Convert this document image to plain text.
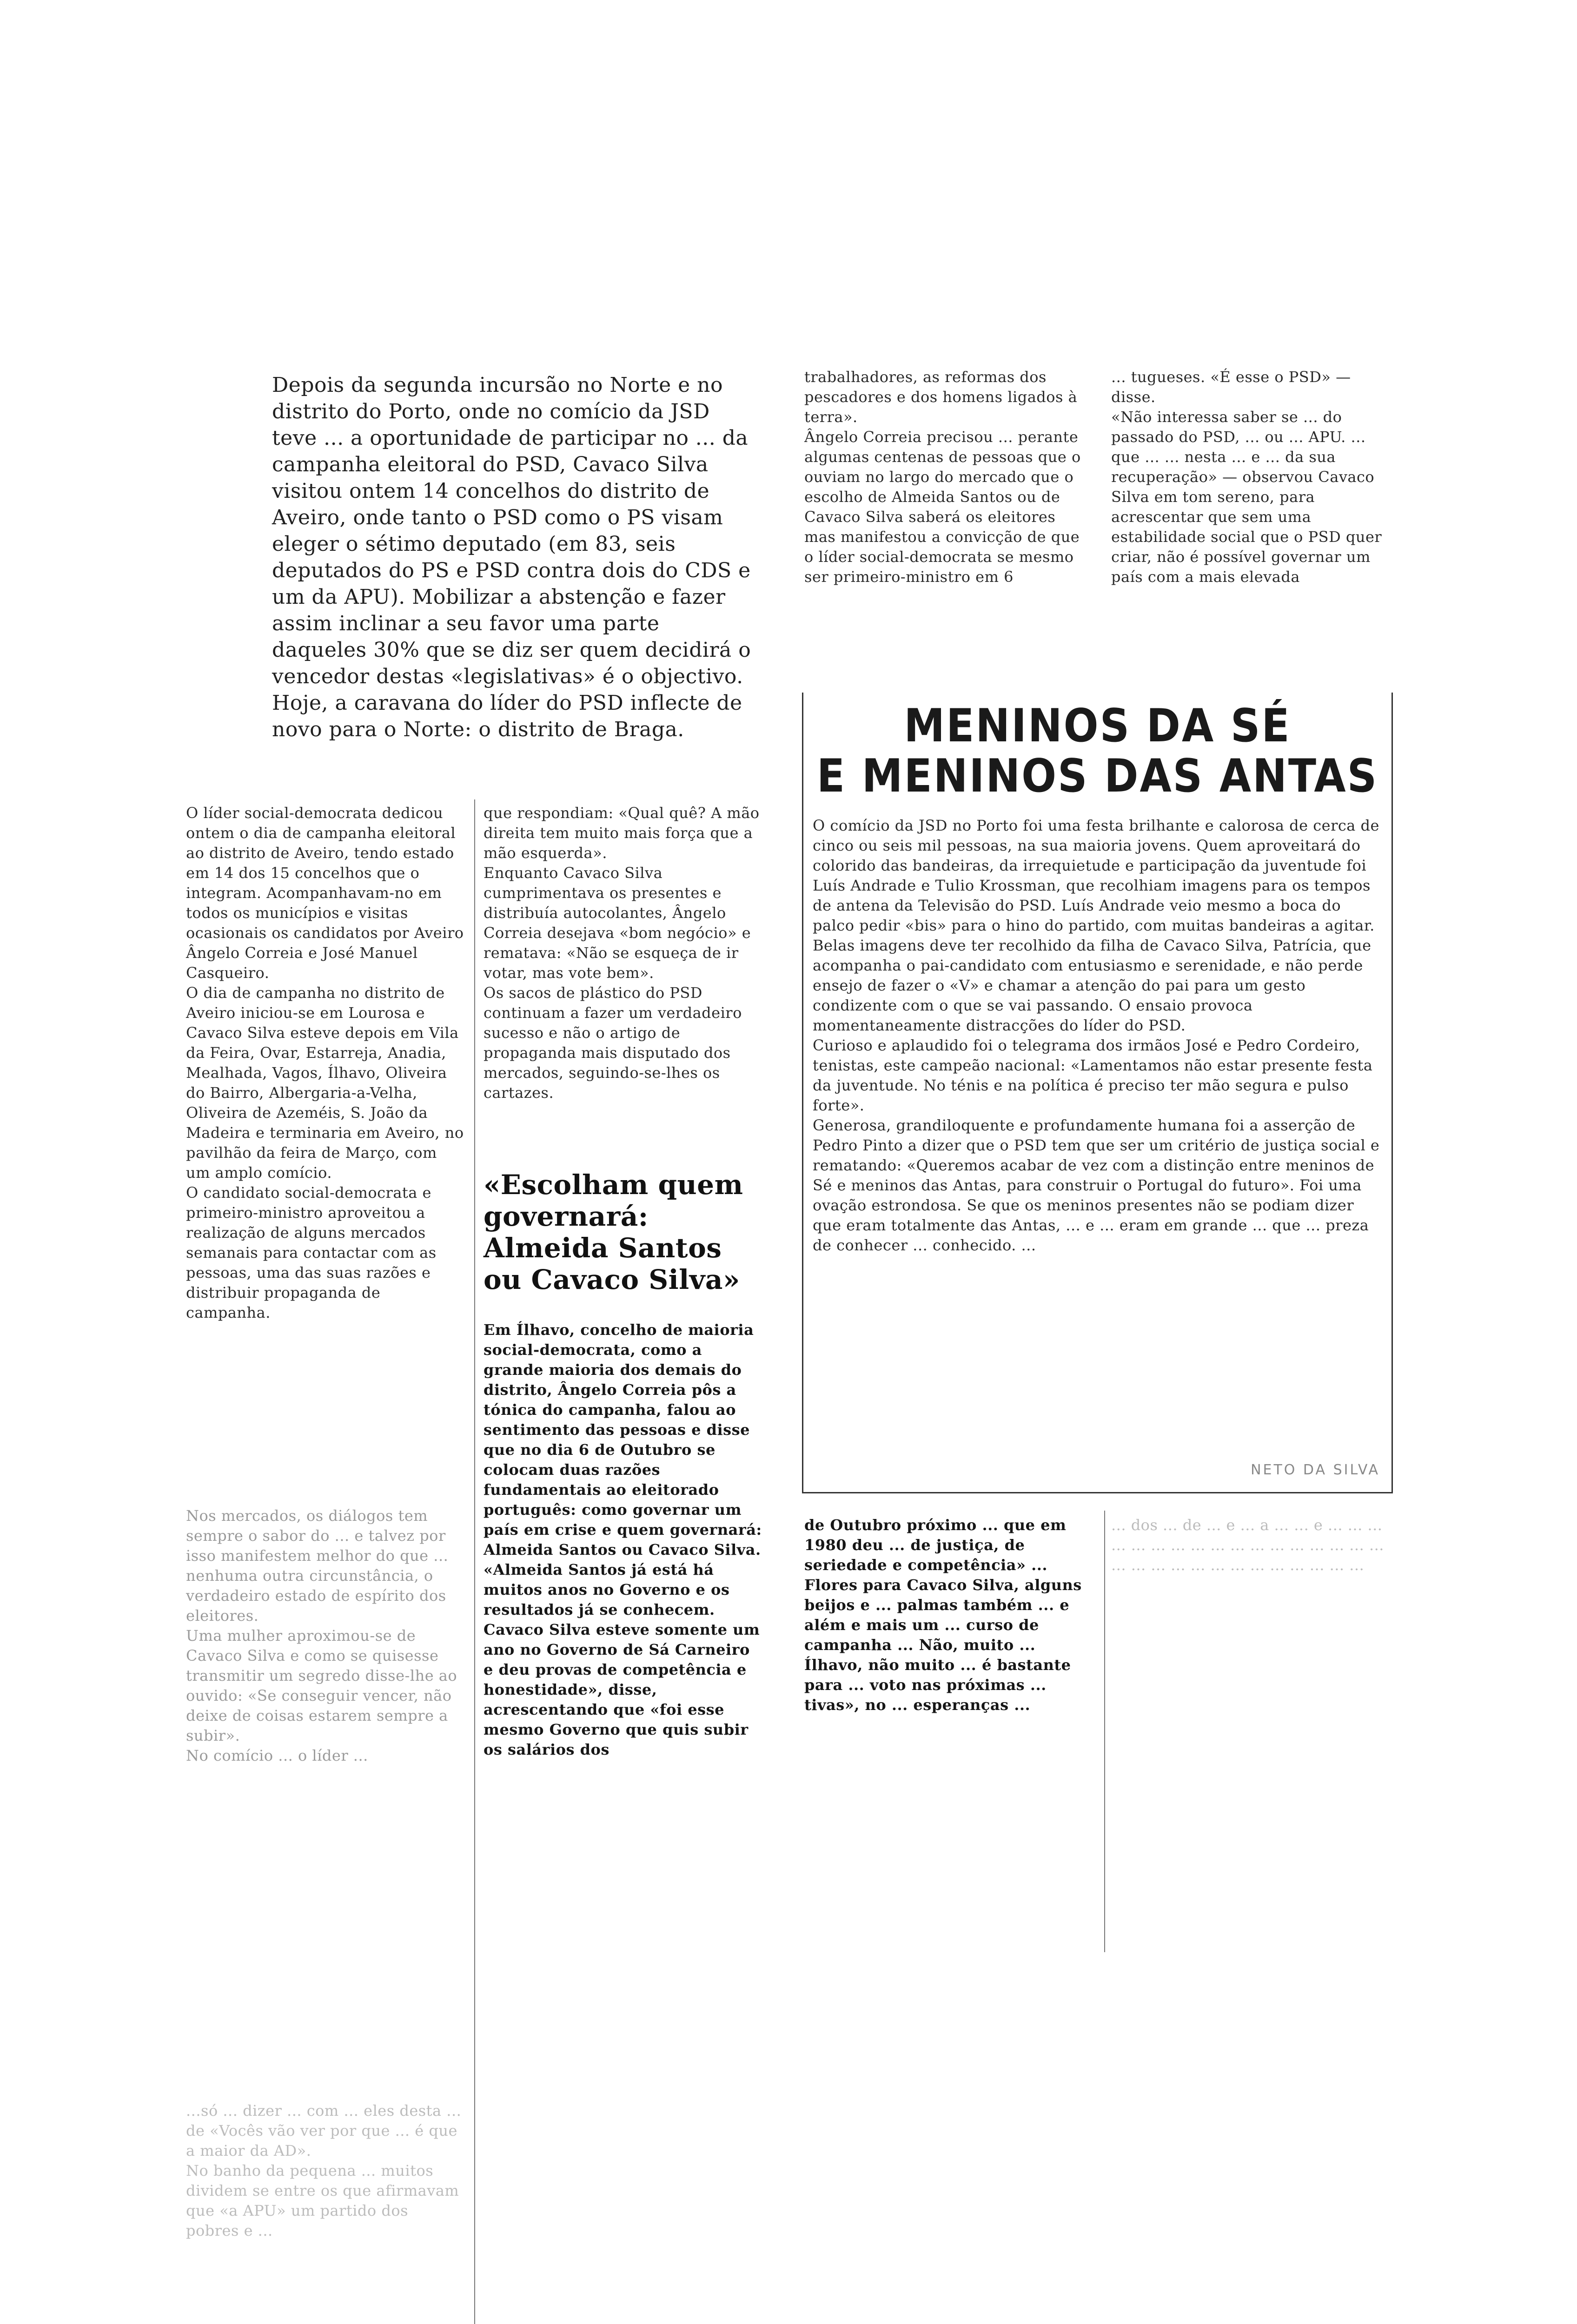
Depois da segunda incursão no Norte e no distrito do Porto, onde no comício da JSD teve ... a oportunidade de participar no ... da campanha eleitoral do PSD, Cavaco Silva visitou ontem 14 concelhos do distrito de Aveiro, onde tanto o PSD como o PS visam eleger o sétimo deputado (em 83, seis deputados do PS e PSD contra dois do CDS e um da APU). Mobilizar a abstenção e fazer assim inclinar a seu favor uma parte daqueles 30% que se diz ser quem decidirá o vencedor destas «legislativas» é o objectivo. Hoje, a caravana do líder do PSD inflecte de novo para o Norte: o distrito de Braga.
O líder social-democrata dedicou ontem o dia de campanha eleitoral ao distrito de Aveiro, tendo estado em 14 dos 15 concelhos que o integram. Acompanhavam-no em todos os municípios e visitas ocasionais os candidatos por Aveiro Ângelo Correia e José Manuel Casqueiro.
O dia de campanha no distrito de Aveiro iniciou-se em Lourosa e Cavaco Silva esteve depois em Vila da Feira, Ovar, Estarreja, Anadia, Mealhada, Vagos, Ílhavo, Oliveira do Bairro, Albergaria-a-Velha, Oliveira de Azeméis, S. João da Madeira e terminaria em Aveiro, no pavilhão da feira de Março, com um amplo comício.
O candidato social-democrata e primeiro-ministro aproveitou a realização de alguns mercados semanais para contactar com as pessoas, uma das suas razões e distribuir propaganda de campanha.
Nos mercados, os diálogos tem sempre o sabor do ... e talvez por isso manifestem melhor do que ... nenhuma outra circunstância, o verdadeiro estado de espírito dos eleitores.
Uma mulher aproximou-se de Cavaco Silva e como se quisesse transmitir um segredo disse-lhe ao ouvido: «Se conseguir vencer, não deixe de coisas estarem sempre a subir».
No comício ... o líder ...
...só ... dizer ... com ... eles desta ... de «Vocês vão ver por que ... é que a maior da AD».
No banho da pequena ... muitos dividem se entre os que afirmavam que «a APU» um partido dos pobres e ...
que respondiam: «Qual quê? A mão direita tem muito mais força que a mão esquerda».
Enquanto Cavaco Silva cumprimentava os presentes e distribuía autocolantes, Ângelo Correia desejava «bom negócio» e rematava: «Não se esqueça de ir votar, mas vote bem».
Os sacos de plástico do PSD continuam a fazer um verdadeiro sucesso e não o artigo de propaganda mais disputado dos mercados, seguindo-se-lhes os cartazes.
«Escolham quem governará: Almeida Santos ou Cavaco Silva»
Em Ílhavo, concelho de maioria social-democrata, como a grande maioria dos demais do distrito, Ângelo Correia pôs a tónica do campanha, falou ao sentimento das pessoas e disse que no dia 6 de Outubro se colocam duas razões fundamentais ao eleitorado português: como governar um país em crise e quem governará: Almeida Santos ou Cavaco Silva.
«Almeida Santos já está há muitos anos no Governo e os resultados já se conhecem. Cavaco Silva esteve somente um ano no Governo de Sá Carneiro e deu provas de competência e honestidade», disse, acrescentando que «foi esse mesmo Governo que quis subir os salários dos
trabalhadores, as reformas dos pescadores e dos homens ligados à terra».
Ângelo Correia precisou ... perante algumas centenas de pessoas que o ouviam no largo do mercado que o escolho de Almeida Santos ou de Cavaco Silva saberá os eleitores mas manifestou a convicção de que o líder social-democrata se mesmo ser primeiro-ministro em 6
... tugueses. «É esse o PSD» — disse.
«Não interessa saber se ... do passado do PSD, ... ou ... APU. ... que ... ... nesta ... e ... da sua recuperação» — observou Cavaco Silva em tom sereno, para acrescentar que sem uma estabilidade social que o PSD quer criar, não é possível governar um país com a mais elevada
MENINOS DA SÉ
E MENINOS DAS ANTAS
O comício da JSD no Porto foi uma festa brilhante e calorosa de cerca de cinco ou seis mil pessoas, na sua maioria jovens. Quem aproveitará do colorido das bandeiras, da irrequietude e participação da juventude foi Luís Andrade e Tulio Krossman, que recolhiam imagens para os tempos de antena da Televisão do PSD. Luís Andrade veio mesmo a boca do palco pedir «bis» para o hino do partido, com muitas bandeiras a agitar.
Belas imagens deve ter recolhido da filha de Cavaco Silva, Patrícia, que acompanha o pai-candidato com entusiasmo e serenidade, e não perde ensejo de fazer o «V» e chamar a atenção do pai para um gesto condizente com o que se vai passando. O ensaio provoca momentaneamente distracções do líder do PSD.
Curioso e aplaudido foi o telegrama dos irmãos José e Pedro Cordeiro, tenistas, este campeão nacional: «Lamentamos não estar presente festa da juventude. No ténis e na política é preciso ter mão segura e pulso forte».
Generosa, grandiloquente e profundamente humana foi a asserção de Pedro Pinto a dizer que o PSD tem que ser um critério de justiça social e rematando: «Queremos acabar de vez com a distinção entre meninos de Sé e meninos das Antas, para construir o Portugal do futuro». Foi uma ovação estrondosa. Se que os meninos presentes não se podiam dizer que eram totalmente das Antas, ... e ... eram em grande ... que ... preza de conhecer ... conhecido. ...
NETO DA SILVA
de Outubro próximo ... que em 1980 deu ... de justiça, de seriedade e competência» ...
Flores para Cavaco Silva, alguns beijos e ... palmas também ... e além e mais um ... curso de campanha ... Não, muito ... Ílhavo, não muito ... é bastante para ... voto nas próximas ... tivas», no ... esperanças ...
... dos ... de ... e ... a ... ... e ... ... ... ... ... ... ... ... ... ... ... ... ... ... ... ... ... ... ... ... ... ... ... ... ... ... ... ... ... ...
